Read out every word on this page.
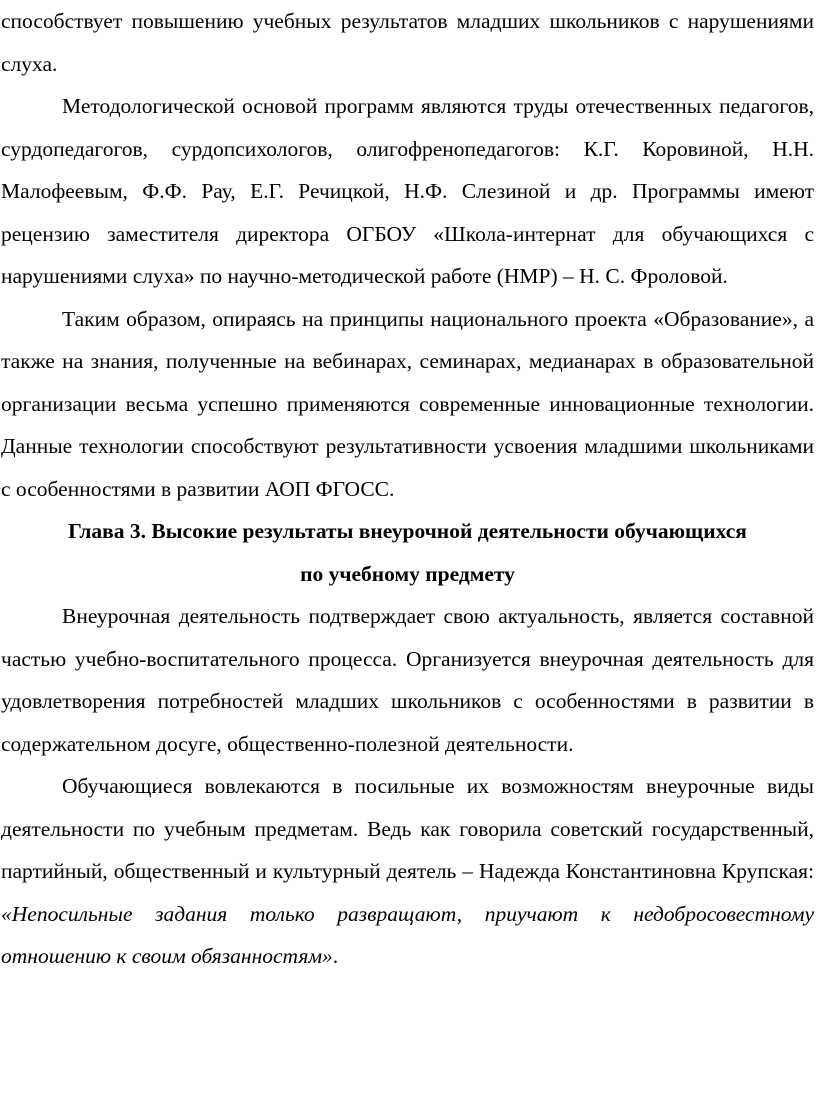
способствует повышению учебных результатов младших школьников с нарушениями слуха.

Методологической основой программ являются труды отечественных педагогов, сурдопедагогов, сурдопсихологов, олигофренопедагогов: К.Г. Коровиной, Н.Н. Малофеевым, Ф.Ф. Рау, Е.Г. Речицкой, Н.Ф. Слезиной и др. Программы имеют рецензию заместителя директора ОГБОУ «Школа-интернат для обучающихся с нарушениями слуха» по научно-методической работе (НМР) – Н. С. Фроловой.

Таким образом, опираясь на принципы национального проекта «Образование», а также на знания, полученные на вебинарах, семинарах, медианарах в образовательной организации весьма успешно применяются современные инновационные технологии. Данные технологии способствуют результативности усвоения младшими школьниками с особенностями в развитии АОП ФГОСС.

Глава 3. Высокие результаты внеурочной деятельности обучающихся
по учебному предмету

Внеурочная деятельность подтверждает свою актуальность, является составной частью учебно-воспитательного процесса. Организуется внеурочная деятельность для удовлетворения потребностей младших школьников с особенностями в развитии в содержательном досуге, общественно-полезной деятельности.

Обучающиеся вовлекаются в посильные их возможностям внеурочные виды деятельности по учебным предметам. Ведь как говорила советский государственный, партийный, общественный и культурный деятель – Надежда Константиновна Крупская: «Непосильные задания только развращают, приучают к недобросовестному отношению к своим обязанностям».
